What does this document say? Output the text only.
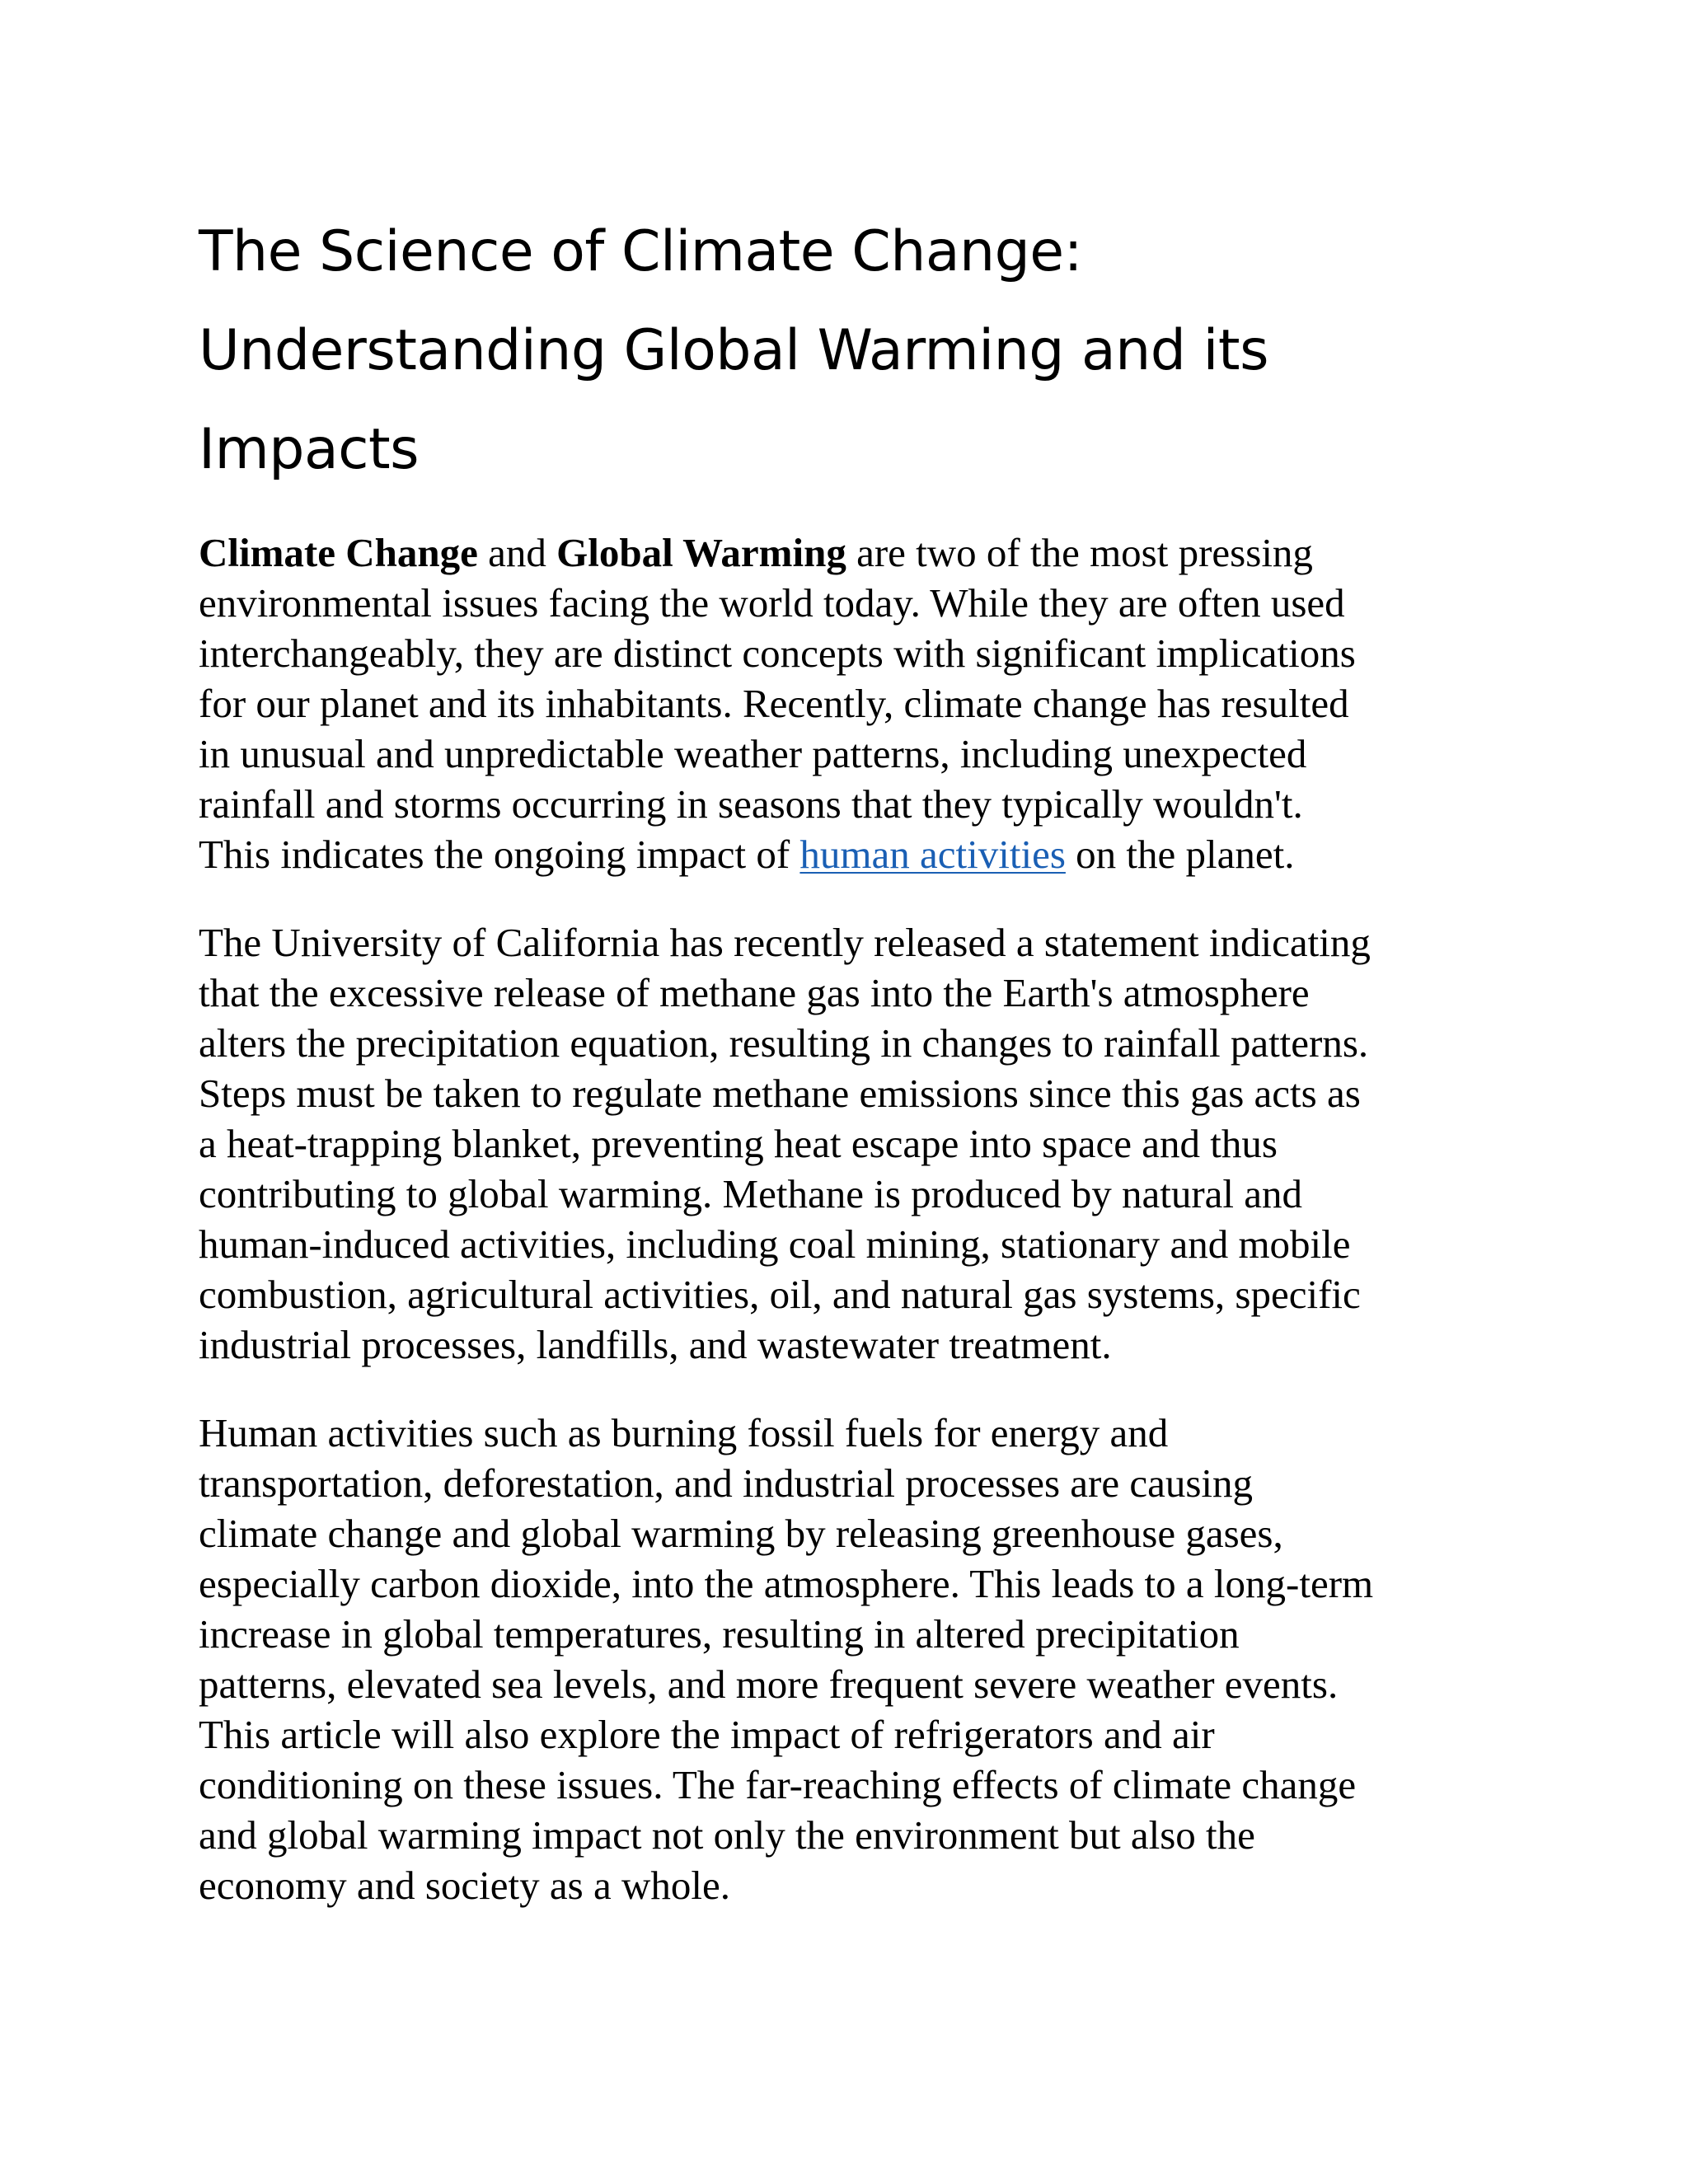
The Science of Climate Change:
Understanding Global Warming and its
Impacts

Climate Change and Global Warming are two of the most pressing
environmental issues facing the world today. While they are often used
interchangeably, they are distinct concepts with significant implications
for our planet and its inhabitants. Recently, climate change has resulted
in unusual and unpredictable weather patterns, including unexpected
rainfall and storms occurring in seasons that they typically wouldn't.
This indicates the ongoing impact of human activities on the planet.

The University of California has recently released a statement indicating
that the excessive release of methane gas into the Earth's atmosphere
alters the precipitation equation, resulting in changes to rainfall patterns.
Steps must be taken to regulate methane emissions since this gas acts as
a heat-trapping blanket, preventing heat escape into space and thus
contributing to global warming. Methane is produced by natural and
human-induced activities, including coal mining, stationary and mobile
combustion, agricultural activities, oil, and natural gas systems, specific
industrial processes, landfills, and wastewater treatment.

Human activities such as burning fossil fuels for energy and
transportation, deforestation, and industrial processes are causing
climate change and global warming by releasing greenhouse gases,
especially carbon dioxide, into the atmosphere. This leads to a long-term
increase in global temperatures, resulting in altered precipitation
patterns, elevated sea levels, and more frequent severe weather events.
This article will also explore the impact of refrigerators and air
conditioning on these issues. The far-reaching effects of climate change
and global warming impact not only the environment but also the
economy and society as a whole.
